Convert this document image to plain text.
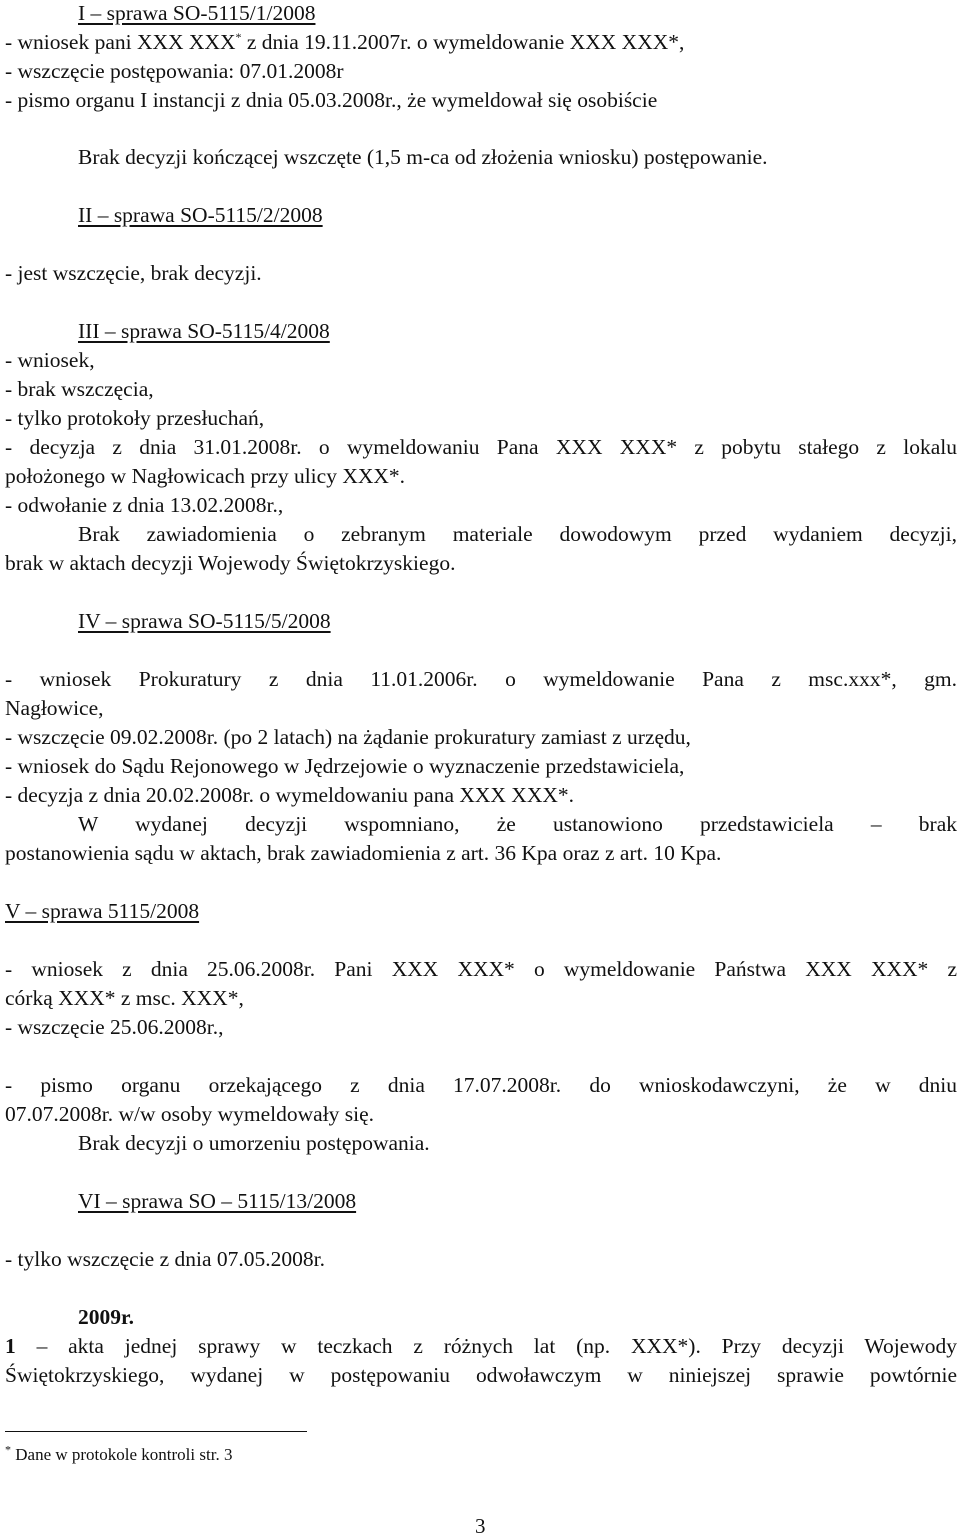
I – sprawa SO-5115/1/2008
- wniosek pani XXX XXX* z dnia 19.11.2007r. o wymeldowanie XXX XXX*,
- wszczęcie postępowania: 07.01.2008r
- pismo organu I instancji z dnia 05.03.2008r., że wymeldował się osobiście
Brak decyzji kończącej wszczęte (1,5 m-ca od złożenia wniosku) postępowanie.
II – sprawa SO-5115/2/2008
- jest wszczęcie, brak decyzji.
III – sprawa SO-5115/4/2008
- wniosek,
- brak wszczęcia,
- tylko protokoły przesłuchań,
- decyzja z dnia 31.01.2008r. o wymeldowaniu Pana XXX XXX* z pobytu stałego z lokalu
położonego w Nagłowicach przy ulicy XXX*.
- odwołanie z dnia 13.02.2008r.,
Brak zawiadomienia o zebranym materiale dowodowym przed wydaniem decyzji,
brak w aktach decyzji Wojewody Świętokrzyskiego.
IV – sprawa SO-5115/5/2008
- wniosek Prokuratury z dnia 11.01.2006r. o wymeldowanie Pana z msc.xxx*, gm.
Nagłowice,
- wszczęcie 09.02.2008r. (po 2 latach) na żądanie prokuratury zamiast z urzędu,
- wniosek do Sądu Rejonowego w Jędrzejowie o wyznaczenie przedstawiciela,
- decyzja z dnia 20.02.2008r. o wymeldowaniu pana XXX XXX*.
W wydanej decyzji wspomniano, że ustanowiono przedstawiciela – brak
postanowienia sądu w aktach, brak zawiadomienia z art. 36 Kpa oraz z art. 10 Kpa.
V – sprawa 5115/2008
- wniosek z dnia 25.06.2008r. Pani XXX XXX* o wymeldowanie Państwa XXX XXX* z
córką XXX* z msc. XXX*,
- wszczęcie 25.06.2008r.,
- pismo organu orzekającego z dnia 17.07.2008r. do wnioskodawczyni, że w dniu
07.07.2008r. w/w osoby wymeldowały się.
Brak decyzji o umorzeniu postępowania.
VI – sprawa SO – 5115/13/2008
- tylko wszczęcie z dnia 07.05.2008r.
2009r.
1 – akta jednej sprawy w teczkach z różnych lat (np. XXX*). Przy decyzji Wojewody
Świętokrzyskiego, wydanej w postępowaniu odwoławczym w niniejszej sprawie powtórnie
* Dane w protokole kontroli str. 3
3
